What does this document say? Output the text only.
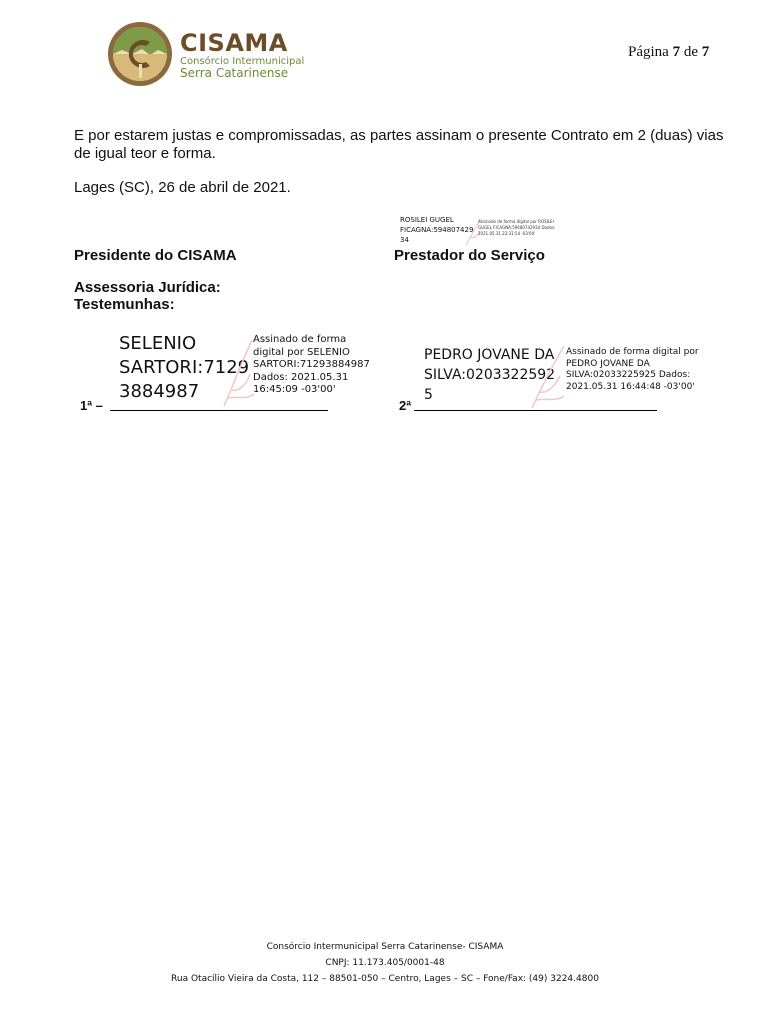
CISAMA
Consórcio Intermunicipal
Serra Catarinense
Página 7 de 7
E por estarem justas e compromissadas, as partes assinam o presente Contrato em 2 (duas) vias de igual teor e forma.
Lages (SC), 26 de abril de 2021.
ROSILEI GUGEL FICAGNA:594807429 34
Assinado de forma digital por ROSILEI GUGEL FICAGNA:59480742934 Dados: 2021.05.31 22:31:54 -03'00'
Presidente do CISAMA	Prestador do Serviço
Assessoria Jurídica:
Testemunhas:
SELENIO SARTORI:7129 3884987
Assinado de forma digital por SELENIO SARTORI:71293884987 Dados: 2021.05.31 16:45:09 -03'00'
1ª –
PEDRO JOVANE DA SILVA:0203322592 5
Assinado de forma digital por PEDRO JOVANE DA SILVA:02033225925 Dados: 2021.05.31 16:44:48 -03'00'
2ª
Consórcio Intermunicipal Serra Catarinense- CISAMA
CNPJ: 11.173.405/0001-48
Rua Otacílio Vieira da Costa, 112 – 88501-050 – Centro, Lages – SC – Fone/Fax: (49) 3224.4800
